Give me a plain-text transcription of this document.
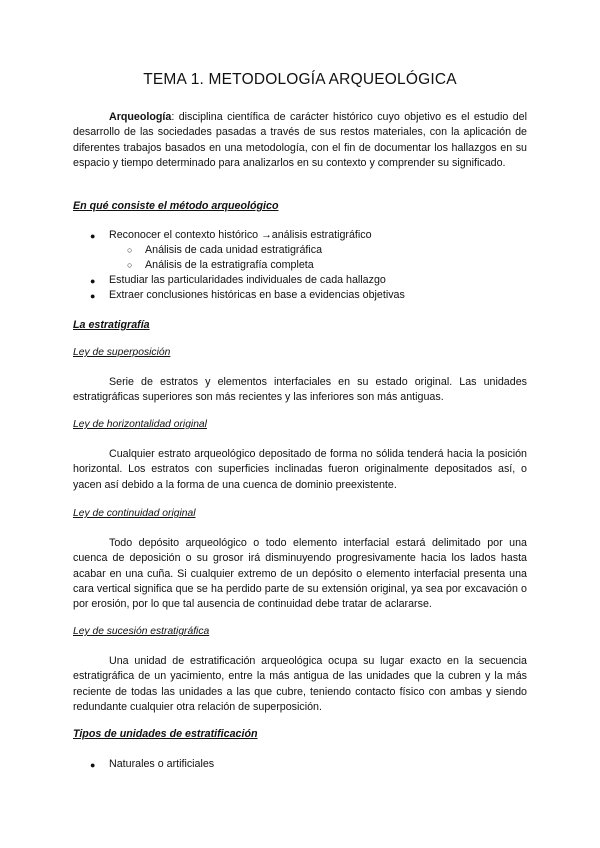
TEMA 1. METODOLOGÍA ARQUEOLÓGICA
Arqueología: disciplina científica de carácter histórico cuyo objetivo es el estudio del desarrollo de las sociedades pasadas a través de sus restos materiales, con la aplicación de diferentes trabajos basados en una metodología, con el fin de documentar los hallazgos en su espacio y tiempo determinado para analizarlos en su contexto y comprender su significado.
En qué consiste el método arqueológico
● Reconocer el contexto histórico →análisis estratigráfico
○ Análisis de cada unidad estratigráfica
○ Análisis de la estratigrafía completa
● Estudiar las particularidades individuales de cada hallazgo
● Extraer conclusiones históricas en base a evidencias objetivas
La estratigrafía
Ley de superposición
Serie de estratos y elementos interfaciales en su estado original. Las unidades estratigráficas superiores son más recientes y las inferiores son más antiguas.
Ley de horizontalidad original
Cualquier estrato arqueológico depositado de forma no sólida tenderá hacia la posición horizontal. Los estratos con superficies inclinadas fueron originalmente depositados así, o yacen así debido a la forma de una cuenca de dominio preexistente.
Ley de continuidad original
Todo depósito arqueológico o todo elemento interfacial estará delimitado por una cuenca de deposición o su grosor irá disminuyendo progresivamente hacia los lados hasta acabar en una cuña. Si cualquier extremo de un depósito o elemento interfacial presenta una cara vertical significa que se ha perdido parte de su extensión original, ya sea por excavación o por erosión, por lo que tal ausencia de continuidad debe tratar de aclararse.
Ley de sucesión estratigráfica
Una unidad de estratificación arqueológica ocupa su lugar exacto en la secuencia estratigráfica de un yacimiento, entre la más antigua de las unidades que la cubren y la más reciente de todas las unidades a las que cubre, teniendo contacto físico con ambas y siendo redundante cualquier otra relación de superposición.
Tipos de unidades de estratificación
● Naturales o artificiales
